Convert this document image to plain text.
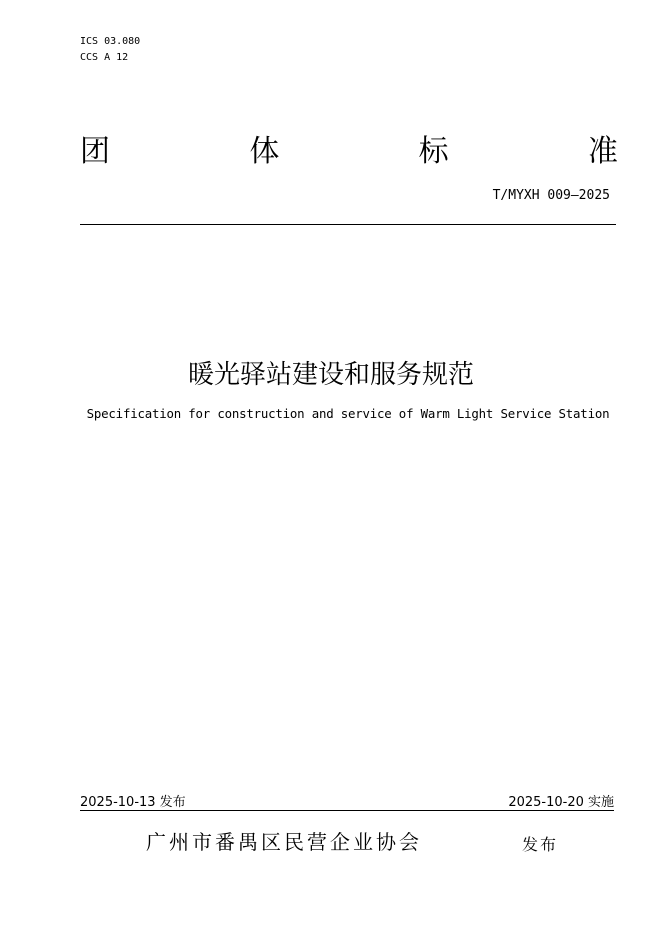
ICS 03.080
CCS A 12
团	体	标	准
T/MYXH 009—2025
暖光驿站建设和服务规范
Specification for construction and service of Warm Light Service Station
2025-10-13 发布	2025-10-20 实施
广州市番禺区民营企业协会	发布
